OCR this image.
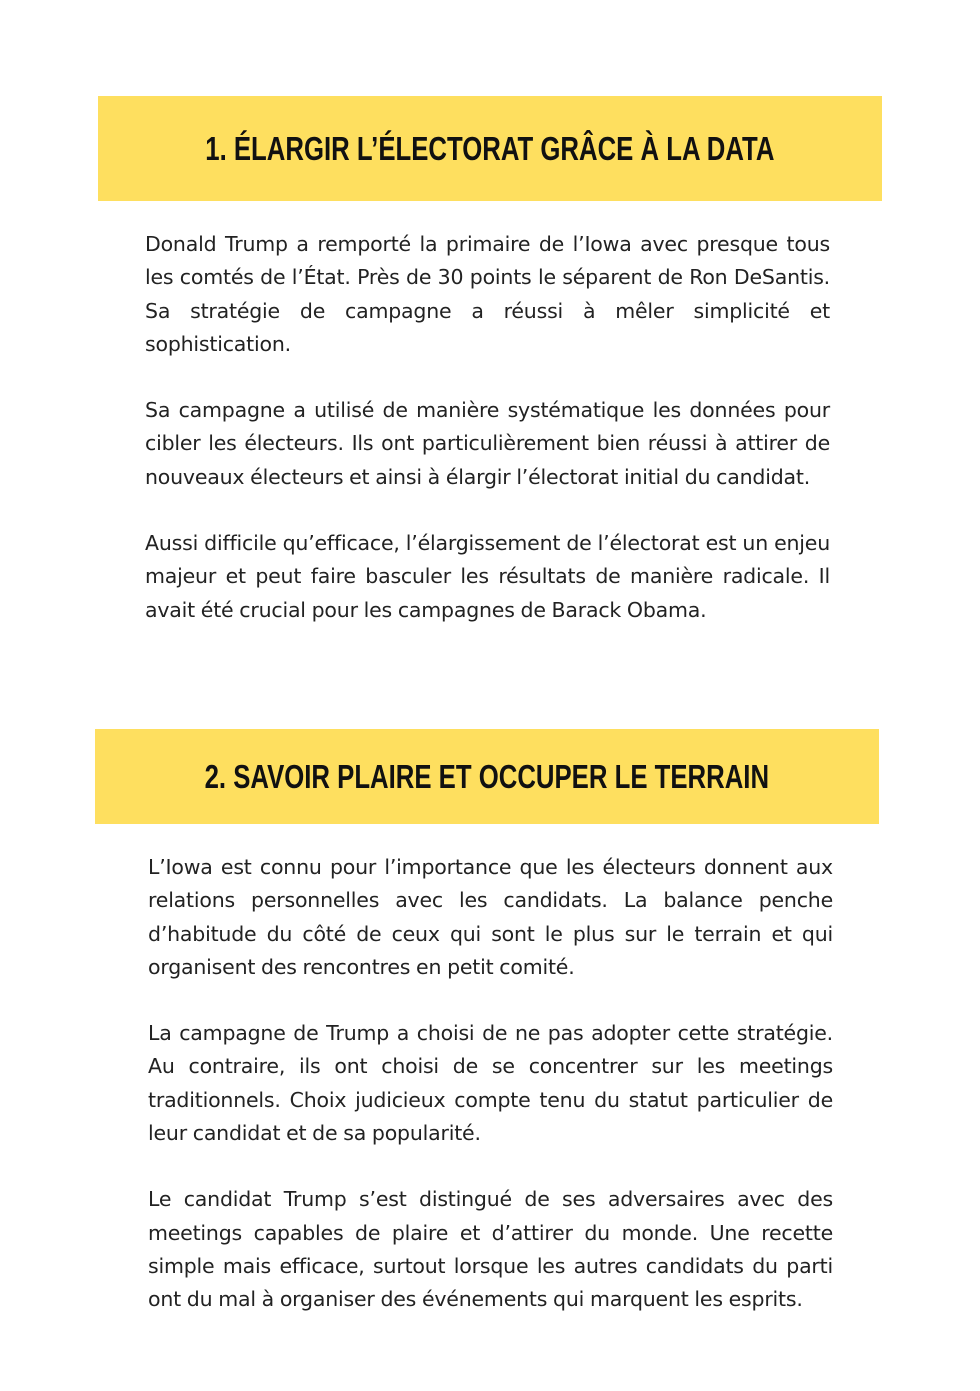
1. ÉLARGIR L’ÉLECTORAT GRÂCE À LA DATA

Donald Trump a remporté la primaire de l’Iowa avec presque tous les comtés de l’État. Près de 30 points le séparent de Ron DeSantis. Sa stratégie de campagne a réussi à mêler simplicité et sophistication.

Sa campagne a utilisé de manière systématique les données pour cibler les électeurs. Ils ont particulièrement bien réussi à attirer de nouveaux électeurs et ainsi à élargir l’électorat initial du candidat.

Aussi difficile qu’efficace, l’élargissement de l’électorat est un enjeu majeur et peut faire basculer les résultats de manière radicale. Il avait été crucial pour les campagnes de Barack Obama.

2. SAVOIR PLAIRE ET OCCUPER LE TERRAIN

L’Iowa est connu pour l’importance que les électeurs donnent aux relations personnelles avec les candidats. La balance penche d’habitude du côté de ceux qui sont le plus sur le terrain et qui organisent des rencontres en petit comité.

La campagne de Trump a choisi de ne pas adopter cette stratégie. Au contraire, ils ont choisi de se concentrer sur les meetings traditionnels. Choix judicieux compte tenu du statut particulier de leur candidat et de sa popularité.

Le candidat Trump s’est distingué de ses adversaires avec des meetings capables de plaire et d’attirer du monde. Une recette simple mais efficace, surtout lorsque les autres candidats du parti ont du mal à organiser des événements qui marquent les esprits.
